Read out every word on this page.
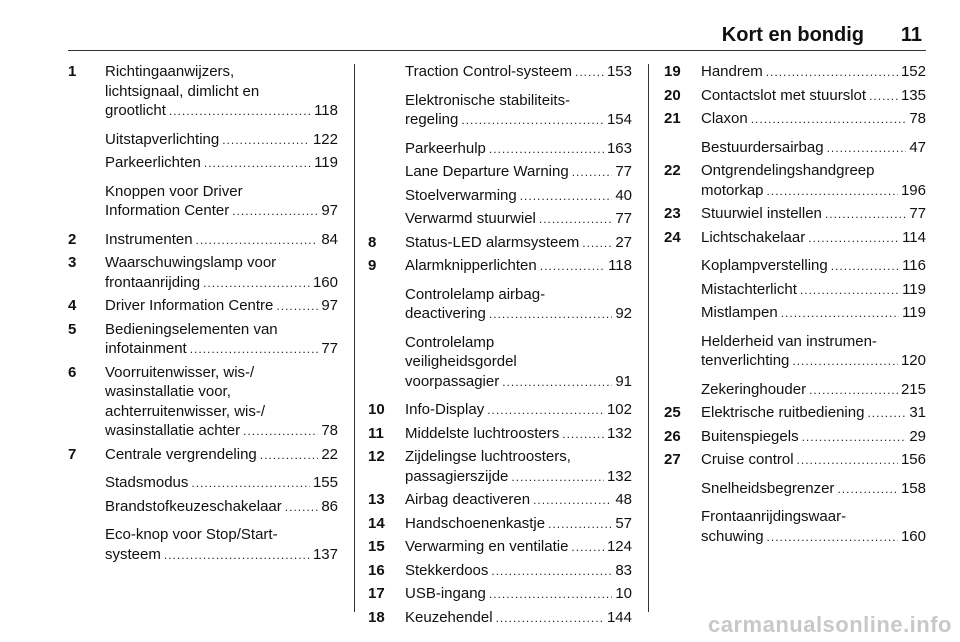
Kort en bondig 11
1 Richtingaanwijzers,
lichtsignaal, dimlicht en
grootlicht .....	118
Uitstapverlichting .....	122
Parkeerlichten .....	119
Knoppen voor Driver
Information Center .....	97
2 Instrumenten .....	84
3 Waarschuwingslamp voor
frontaanrijding .....	160
4 Driver Information Centre .....	97
5 Bedieningselementen van
infotainment .....	77
6 Voorruitenwisser, wis-/
wasinstallatie voor,
achterruitenwisser, wis-/
wasinstallatie achter .....	78
7 Centrale vergrendeling .....	22
Stadsmodus .....	155
Brandstofkeuzeschakelaar .....	86
Eco-knop voor Stop/Start-
systeem .....	137
Traction Control-systeem ..... 153
Elektronische stabiliteits-
regeling .....	154
Parkeerhulp .....	163
Lane Departure Warning .....	77
Stoelverwarming .....	40
Verwarmd stuurwiel .....	77
8 Status-LED alarmsysteem ..... 27
9 Alarmknipperlichten .....	118
Controlelamp airbag-
deactivering .....	92
Controlelamp
veiligheidsgordel
voorpassagier .....	91
10 Info-Display .....	102
11 Middelste luchtroosters .....	132
12 Zijdelingse luchtroosters,
passagierszijde .....	132
13 Airbag deactiveren .....	48
14 Handschoenenkastje .....	57
15 Verwarming en ventilatie .....	124
16 Stekkerdoos .....	83
17 USB-ingang .....	10
18 Keuzehendel .....	144
19 Handrem .....	152
20 Contactslot met stuurslot ..... 135
21 Claxon .....	78
Bestuurdersairbag .....	47
22 Ontgrendelingshandgreep
motorkap .....	196
23 Stuurwiel instellen .....	77
24 Lichtschakelaar .....	114
Koplampverstelling .....	116
Mistachterlicht .....	119
Mistlampen .....	119
Helderheid van instrumen-
tenverlichting .....	120
Zekeringhouder .....	215
25 Elektrische ruitbediening .....	31
26 Buitenspiegels .....	29
27 Cruise control .....	156
Snelheidsbegrenzer .....	158
Frontaanrijdingswaar-
schuwing .....	160
carmanualsonline.info
